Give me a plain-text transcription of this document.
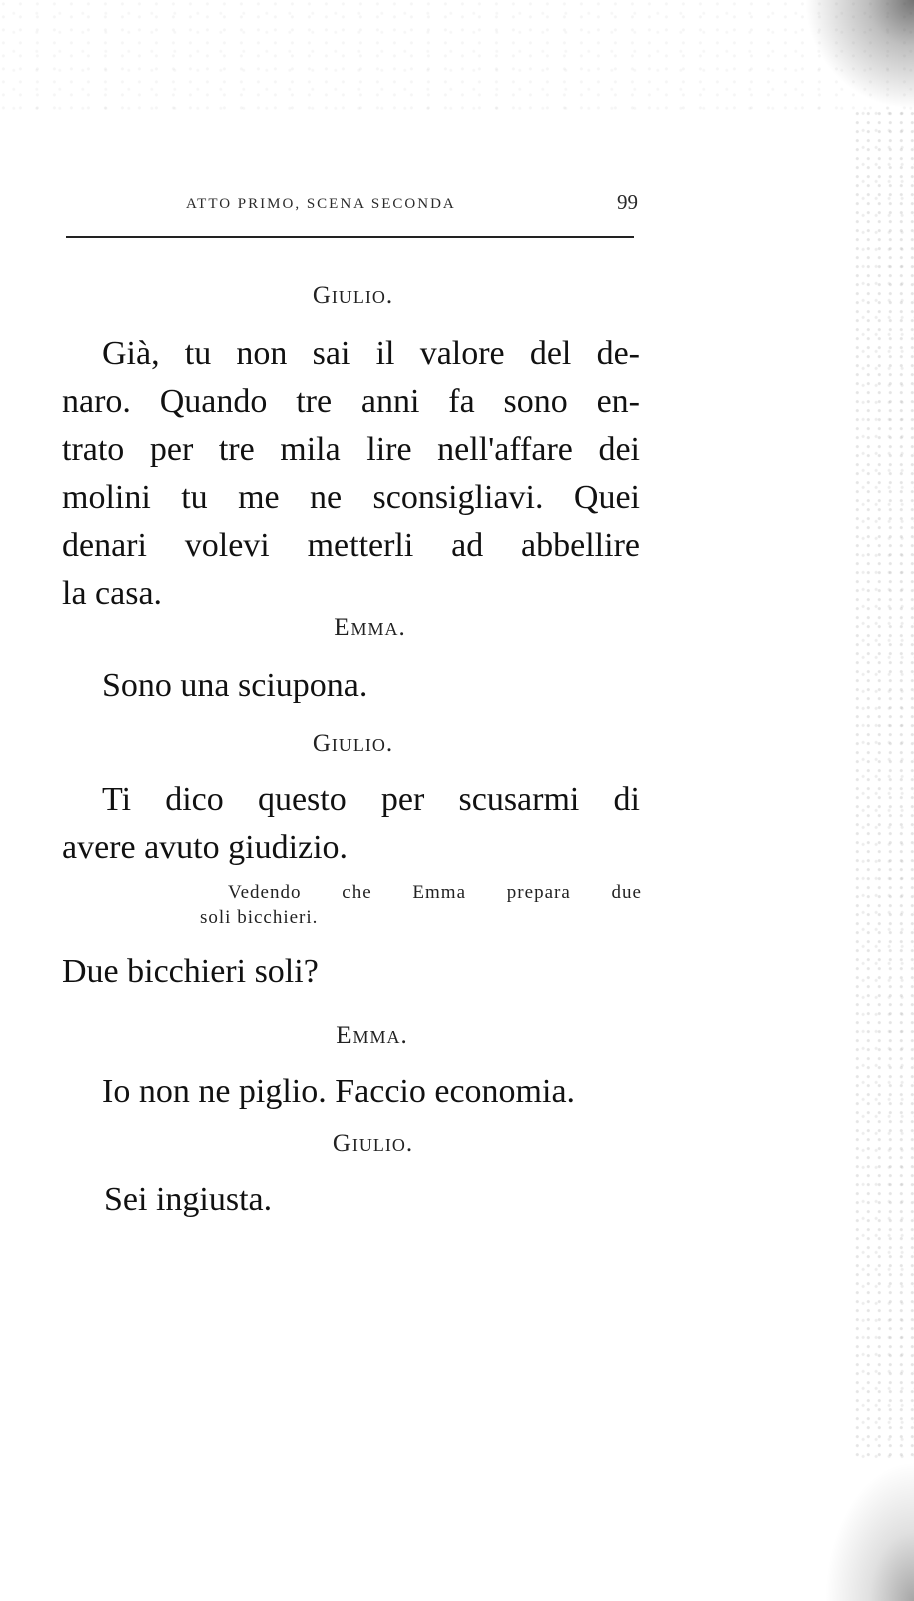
ATTO PRIMO, SCENA SECONDA	99
Giulio.
Già, tu non sai il valore del de-
naro. Quando tre anni fa sono en-
trato per tre mila lire nell'affare dei
molini tu me ne sconsigliavi. Quei
denari volevi metterli ad abbellire
la casa.
Emma.
Sono una sciupona.
Giulio.
Ti dico questo per scusarmi di
avere avuto giudizio.
Vedendo che Emma prepara due
soli bicchieri.
Due bicchieri soli?
Emma.
Io non ne piglio. Faccio economia.
Giulio.
Sei ingiusta.
